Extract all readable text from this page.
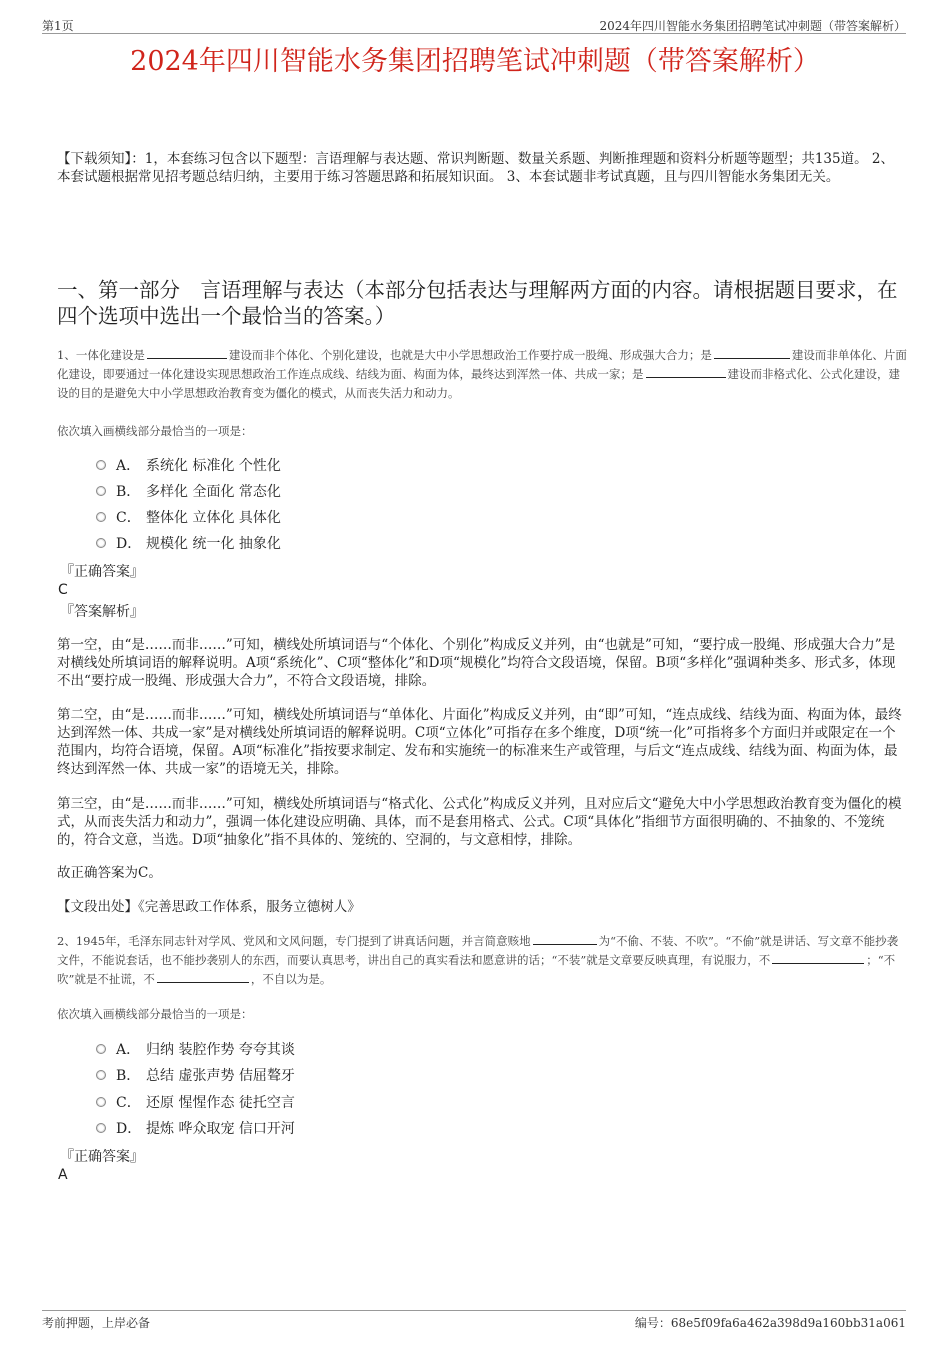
第1页	2024年四川智能水务集团招聘笔试冲刺题（带答案解析）
2024年四川智能水务集团招聘笔试冲刺题（带答案解析）
【下载须知】：1，本套练习包含以下题型：言语理解与表达题、常识判断题、数量关系题、判断推理题和资料分析题等题型；共135道。 2、本套试题根据常见招考题总结归纳，主要用于练习答题思路和拓展知识面。 3、本套试题非考试真题，且与四川智能水务集团无关。
一、第一部分　言语理解与表达（本部分包括表达与理解两方面的内容。请根据题目要求，在四个选项中选出一个最恰当的答案。）
1、一体化建设是	建设而非个体化、个别化建设，也就是大中小学思想政治工作要拧成一股绳、形成强大合力；是	建设而非单体化、片面化建设，即要通过一体化建设实现思想政治工作连点成线、结线为面、构面为体，最终达到浑然一体、共成一家；是	建设而非格式化、公式化建设，建设的目的是避免大中小学思想政治教育变为僵化的模式，从而丧失活力和动力。
依次填入画横线部分最恰当的一项是：
A． 系统化 标准化 个性化
B． 多样化 全面化 常态化
C． 整体化 立体化 具体化
D． 规模化 统一化 抽象化
『正确答案』
C
『答案解析』
第一空，由“是……而非……”可知，横线处所填词语与“个体化、个别化”构成反义并列，由“也就是”可知，“要拧成一股绳、形成强大合力”是对横线处所填词语的解释说明。A项“系统化”、C项“整体化”和D项“规模化”均符合文段语境，保留。B项“多样化”强调种类多、形式多，体现不出“要拧成一股绳、形成强大合力”，不符合文段语境，排除。
第二空，由“是……而非……”可知，横线处所填词语与“单体化、片面化”构成反义并列，由“即”可知，“连点成线、结线为面、构面为体，最终达到浑然一体、共成一家”是对横线处所填词语的解释说明。C项“立体化”可指存在多个维度，D项“统一化”可指将多个方面归并或限定在一个范围内，均符合语境，保留。A项“标准化”指按要求制定、发布和实施统一的标准来生产或管理，与后文“连点成线、结线为面、构面为体，最终达到浑然一体、共成一家”的语境无关，排除。
第三空，由“是……而非……”可知，横线处所填词语与“格式化、公式化”构成反义并列，且对应后文“避免大中小学思想政治教育变为僵化的模式，从而丧失活力和动力”，强调一体化建设应明确、具体，而不是套用格式、公式。C项“具体化”指细节方面很明确的、不抽象的、不笼统的，符合文意，当选。D项“抽象化”指不具体的、笼统的、空洞的，与文意相悖，排除。
故正确答案为C。
【文段出处】《完善思政工作体系，服务立德树人》
2、1945年，毛泽东同志针对学风、党风和文风问题，专门提到了讲真话问题，并言简意赅地	为“不偷、不装、不吹”。“不偷”就是讲话、写文章不能抄袭文件，不能说套话，也不能抄袭别人的东西，而要认真思考，讲出自己的真实看法和愿意讲的话；“不装”就是文章要反映真理，有说服力，不	；“不吹”就是不扯谎，不	，不自以为是。
依次填入画横线部分最恰当的一项是：
A． 归纳 装腔作势 夸夸其谈
B． 总结 虚张声势 佶屈聱牙
C． 还原 惺惺作态 徒托空言
D． 提炼 哗众取宠 信口开河
『正确答案』
A
考前押题，上岸必备	编号：68e5f09fa6a462a398d9a160bb31a061
